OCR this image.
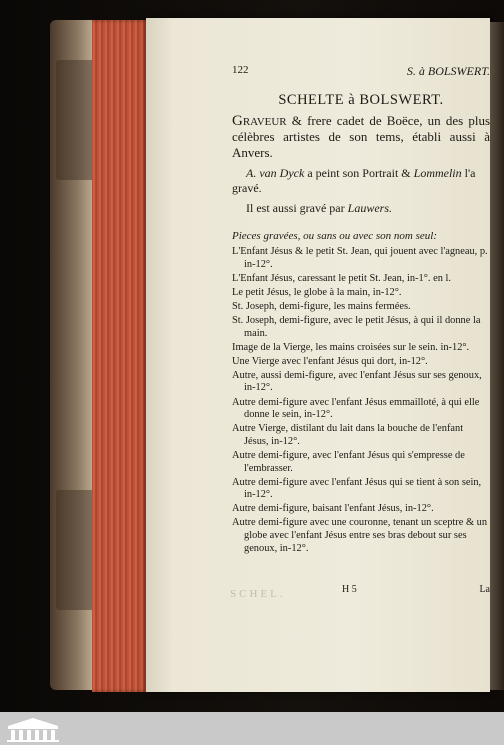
SCHEL.
122	S. à BOLSWERT.
SCHELTE à BOLSWERT.
Graveur & frere cadet de Boëce, un des plus célèbres artistes de son tems, établi aussi à Anvers.
A. van Dyck a peint son Portrait & Lommelin l'a gravé.
Il est aussi gravé par Lauwers.
Pieces gravées, ou sans ou avec son nom seul:
L'Enfant Jésus & le petit St. Jean, qui jouent avec l'agneau, p. in-12°.
L'Enfant Jésus, caressant le petit St. Jean, in-1°. en l.
Le petit Jésus, le globe à la main, in-12°.
St. Joseph, demi-figure, les mains fermées.
St. Joseph, demi-figure, avec le petit Jésus, à qui il donne la main.
Image de la Vierge, les mains croisées sur le sein. in-12°.
Une Vierge avec l'enfant Jésus qui dort, in-12°.
Autre, aussi demi-figure, avec l'enfant Jésus sur ses genoux, in-12°.
Autre demi-figure avec l'enfant Jésus emmailloté, à qui elle donne le sein, in-12°.
Autre Vierge, distilant du lait dans la bouche de l'enfant Jésus, in-12°.
Autre demi-figure, avec l'enfant Jésus qui s'empresse de l'embrasser.
Autre demi-figure avec l'enfant Jésus qui se tient à son sein, in-12°.
Autre demi-figure, baisant l'enfant Jésus, in-12°.
Autre demi-figure avec une couronne, tenant un sceptre & un globe avec l'enfant Jésus entre ses bras debout sur ses genoux, in-12°.
H 5	La
